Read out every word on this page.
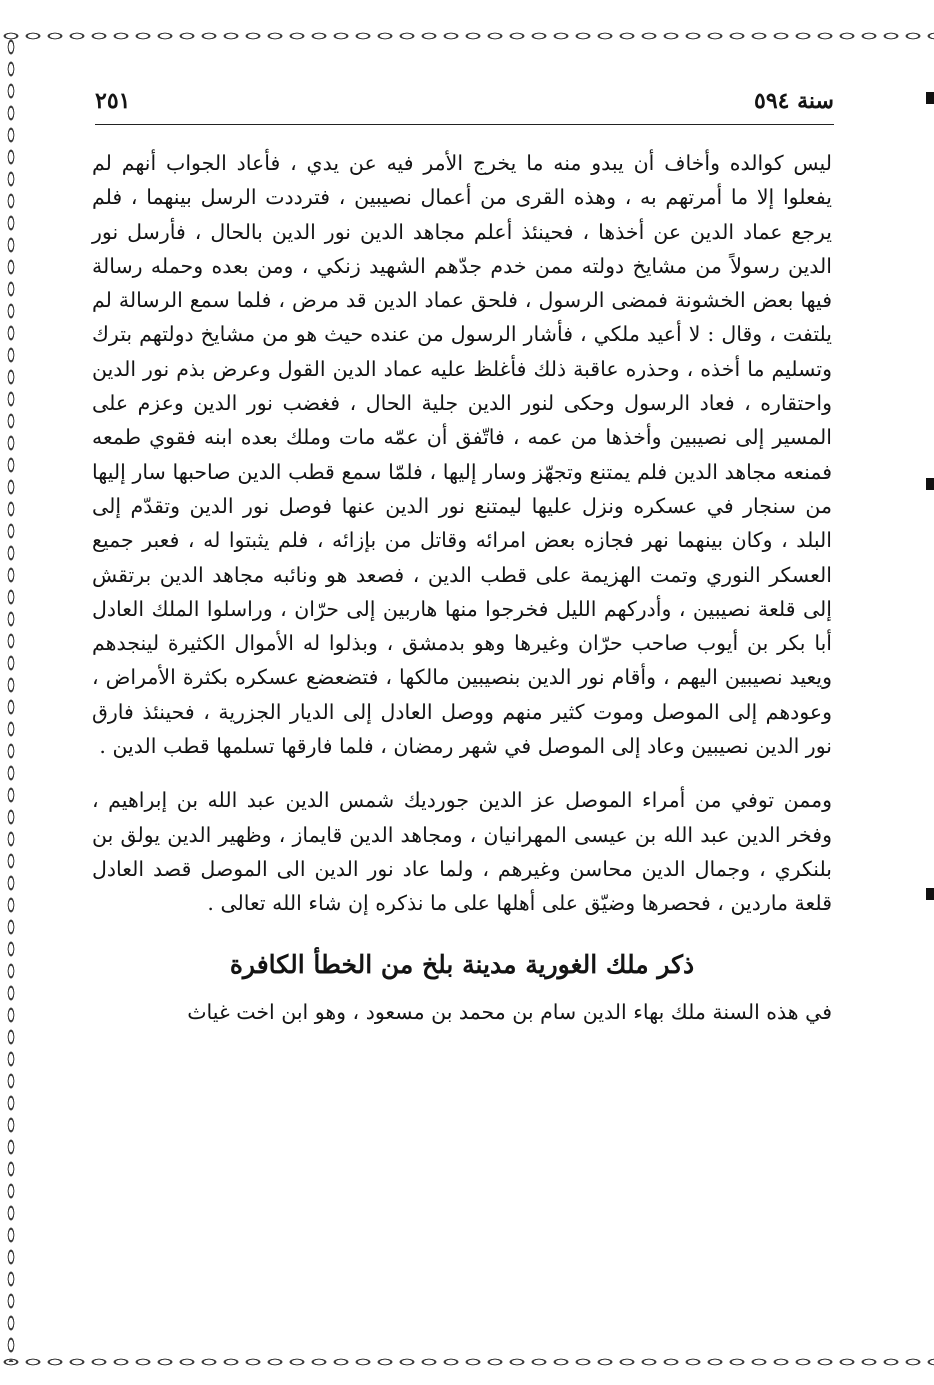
٢٥١	سنة ٥٩٤

ليس كوالده وأخاف أن يبدو منه ما يخرج الأمر فيه عن يدي ، فأعاد الجواب أنهم لم يفعلوا إلا ما أمرتهم به ، وهذه القرى من أعمال نصيبين ، فترددت الرسل بينهما ، فلم يرجع عماد الدين عن أخذها ، فحينئذ أعلم مجاهد الدين نور الدين بالحال ، فأرسل نور الدين رسولاً من مشايخ دولته ممن خدم جدّهم الشهيد زنكي ، ومن بعده وحمله رسالة فيها بعض الخشونة فمضى الرسول ، فلحق عماد الدين قد مرض ، فلما سمع الرسالة لم يلتفت ، وقال : لا أعيد ملكي ، فأشار الرسول من عنده حيث هو من مشايخ دولتهم بترك وتسليم ما أخذه ، وحذره عاقبة ذلك فأغلظ عليه عماد الدين القول وعرض بذم نور الدين واحتقاره ، فعاد الرسول وحكى لنور الدين جلية الحال ، فغضب نور الدين وعزم على المسير إلى نصيبين وأخذها من عمه ، فاتّفق أن عمّه مات وملك بعده ابنه فقوي طمعه فمنعه مجاهد الدين فلم يمتنع وتجهّز وسار إليها ، فلمّا سمع قطب الدين صاحبها سار إليها من سنجار في عسكره ونزل عليها ليمتنع نور الدين عنها فوصل نور الدين وتقدّم إلى البلد ، وكان بينهما نهر فجازه بعض امرائه وقاتل من بإزائه ، فلم يثبتوا له ، فعبر جميع العسكر النوري وتمت الهزيمة على قطب الدين ، فصعد هو ونائبه مجاهد الدين برتقش إلى قلعة نصيبين ، وأدركهم الليل فخرجوا منها هاربين إلى حرّان ، وراسلوا الملك العادل أبا بكر بن أيوب صاحب حرّان وغيرها وهو بدمشق ، وبذلوا له الأموال الكثيرة لينجدهم ويعيد نصيبين اليهم ، وأقام نور الدين بنصيبين مالكها ، فتضعضع عسكره بكثرة الأمراض ، وعودهم إلى الموصل وموت كثير منهم ووصل العادل إلى الديار الجزرية ، فحينئذ فارق نور الدين نصيبين وعاد إلى الموصل في شهر رمضان ، فلما فارقها تسلمها قطب الدين .

وممن توفي من أمراء الموصل عز الدين جورديك شمس الدين عبد الله بن إبراهيم ، وفخر الدين عبد الله بن عيسى المهرانيان ، ومجاهد الدين قايماز ، وظهير الدين يولق بن بلنكري ، وجمال الدين محاسن وغيرهم ، ولما عاد نور الدين الى الموصل قصد العادل قلعة ماردين ، فحصرها وضيّق على أهلها على ما نذكره إن شاء الله تعالى .

ذكر ملك الغورية مدينة بلخ من الخطأ الكافرة

في هذه السنة ملك بهاء الدين سام بن محمد بن مسعود ، وهو ابن اخت غياث
